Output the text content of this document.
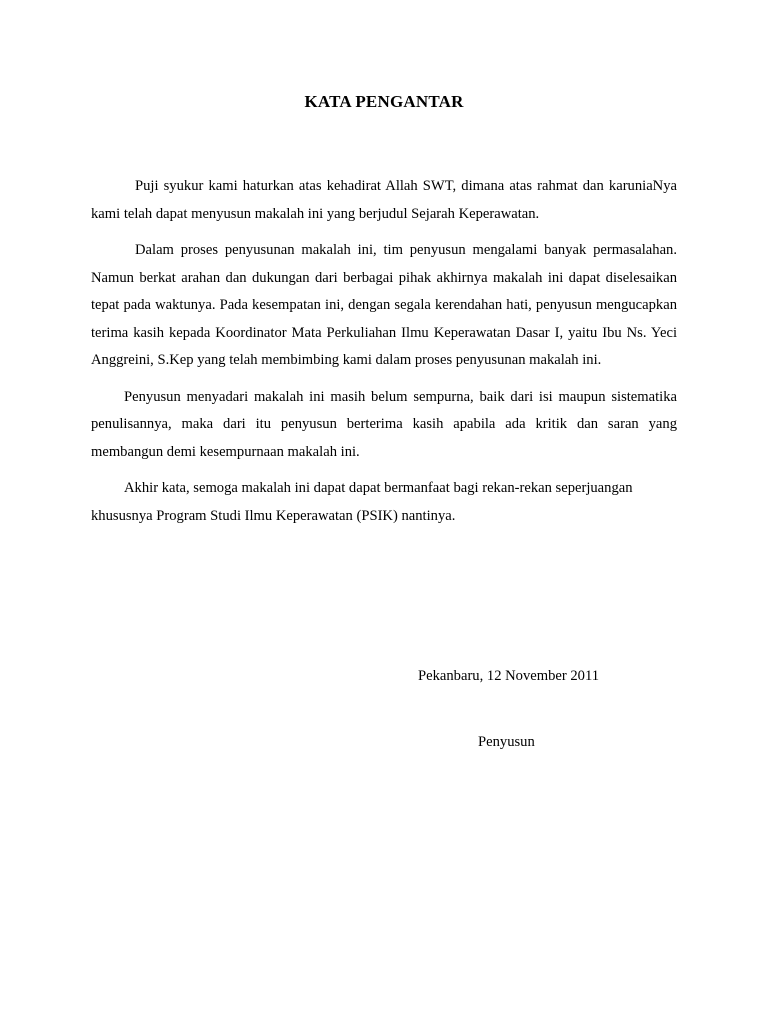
KATA PENGANTAR

Puji syukur kami haturkan atas kehadirat Allah SWT, dimana atas rahmat dan karuniaNya kami telah dapat menyusun makalah ini yang berjudul Sejarah Keperawatan.

Dalam proses penyusunan makalah ini, tim penyusun mengalami banyak permasalahan. Namun berkat arahan dan dukungan dari berbagai pihak akhirnya makalah ini dapat diselesaikan tepat pada waktunya. Pada kesempatan ini, dengan segala kerendahan hati, penyusun mengucapkan terima kasih kepada Koordinator Mata Perkuliahan Ilmu Keperawatan Dasar I, yaitu Ibu Ns. Yeci Anggreini, S.Kep yang telah membimbing kami dalam proses penyusunan makalah ini.

Penyusun menyadari makalah ini masih belum sempurna, baik dari isi maupun sistematika penulisannya, maka dari itu penyusun berterima kasih apabila ada kritik dan saran yang membangun demi kesempurnaan makalah ini.

Akhir kata, semoga makalah ini dapat dapat bermanfaat bagi rekan-rekan seperjuangan khususnya Program Studi Ilmu Keperawatan (PSIK) nantinya.

Pekanbaru, 12 November 2011
Penyusun
